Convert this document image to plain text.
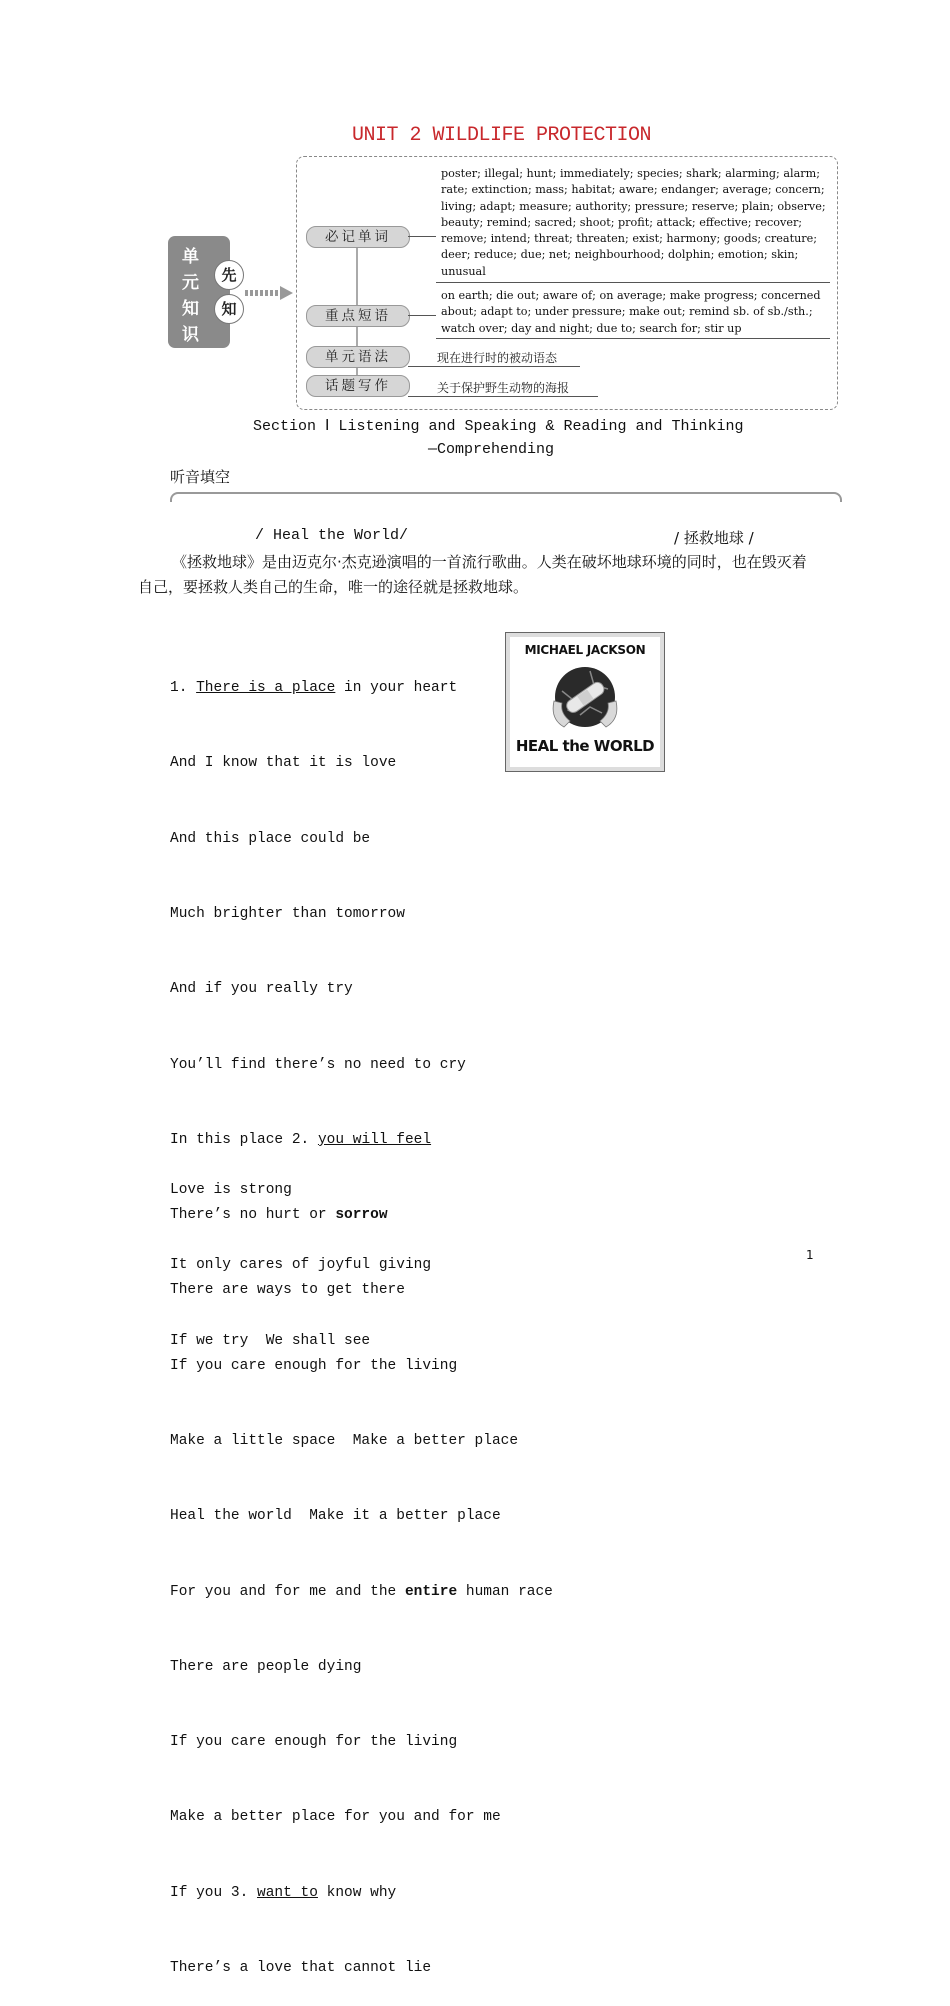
UNIT 2 WILDLIFE PROTECTION
单
元
知
识
先
知
必记单词
重点短语
单元语法
话题写作
poster; illegal; hunt; immediately; species; shark; alarming; alarm;
rate; extinction; mass; habitat; aware; endanger; average; concern;
living; adapt; measure; authority; pressure; reserve; plain; observe;
beauty; remind; sacred; shoot; profit; attack; effective; recover;
remove; intend; threat; threaten; exist; harmony; goods; creature;
deer; reduce; due; net; neighbourhood; dolphin; emotion; skin;
unusual
on earth; die out; aware of; on average; make progress; concerned
about; adapt to; under pressure; make out; remind sb. of sb./sth.;
watch over; day and night; due to; search for; stir up
现在进行时的被动语态
关于保护野生动物的海报
Section Ⅰ Listening and Speaking & Reading and Thinking
—Comprehending
听音填空
/ Heal the World/	/ 拯救地球 /
《拯救地球》是由迈克尔·杰克逊演唱的一首流行歌曲。人类在破坏地球环境的同时，也在毁灭着自己，要拯救人类自己的生命，唯一的途径就是拯救地球。

1. There is a place in your heart

And I know that it is love

And this place could be

Much brighter than tomorrow

And if you really try

You’ll find there’s no need to cry

In this place 2. you will feel

There’s no hurt or sorrow

There are ways to get there

If you care enough for the living

Make a little space  Make a better place

Heal the world  Make it a better place

For you and for me and the entire human race

There are people dying

If you care enough for the living

Make a better place for you and for me

If you 3. want to know why

There’s a love that cannot lie

Love is strong

It only cares of joyful giving

If we try  We shall see

MICHAEL JACKSON
HEAL the WORLD
1
